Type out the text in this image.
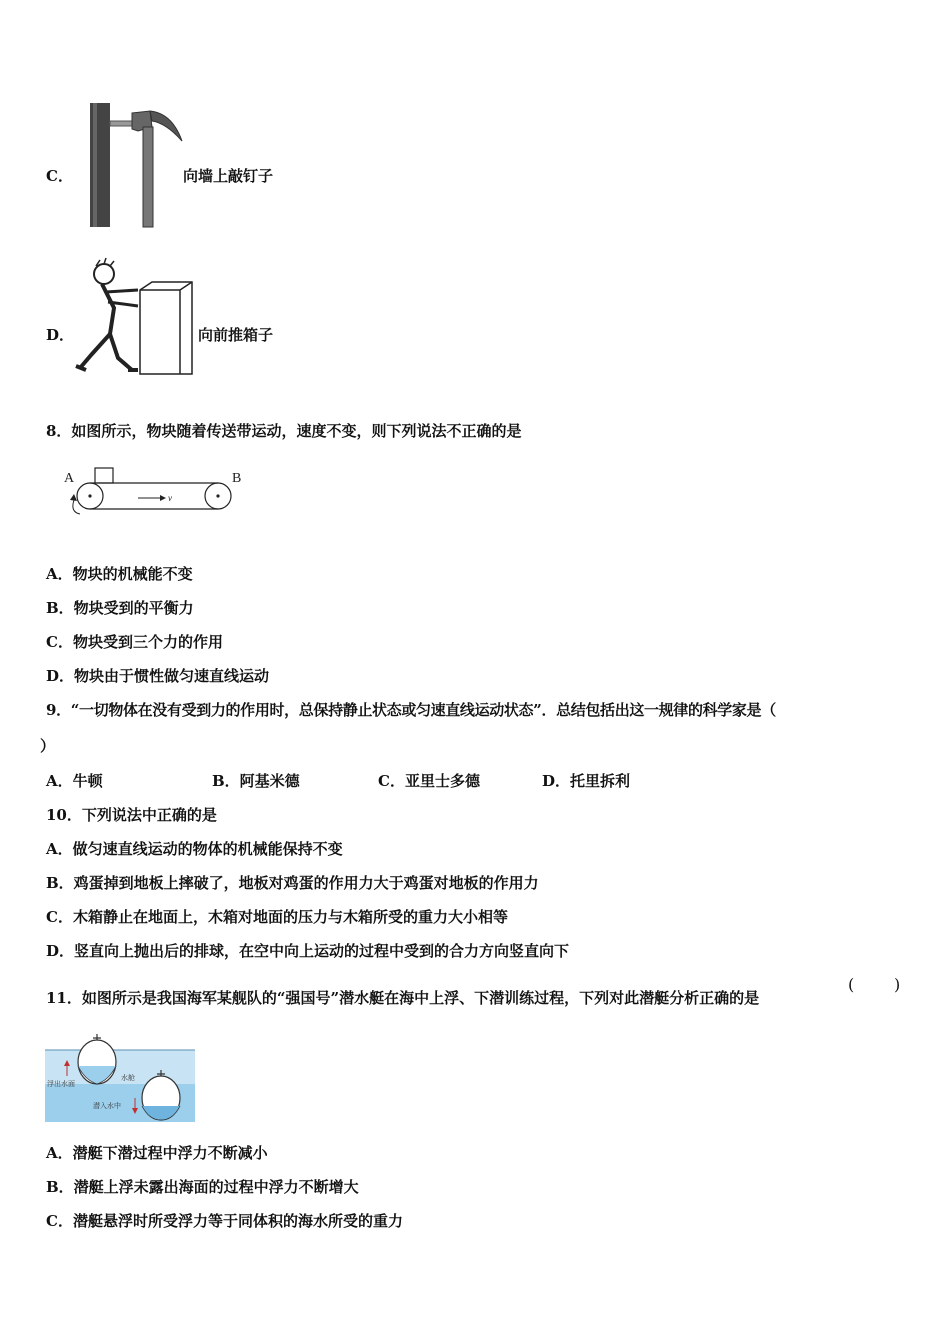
C．	向墙上敲钉子
D．	向前推箱子
8．如图所示，物块随着传送带运动，速度不变，则下列说法不正确的是
A	B
v
A．物块的机械能不变
B．物块受到的平衡力
C．物块受到三个力的作用
D．物块由于惯性做匀速直线运动
9．“一切物体在没有受到力的作用时，总保持静止状态或匀速直线运动状态”．总结包括出这一规律的科学家是（
）
A．牛顿	B．阿基米德	C．亚里士多德	D．托里拆利
10．下列说法中正确的是
A．做匀速直线运动的物体的机械能保持不变
B．鸡蛋掉到地板上摔破了，地板对鸡蛋的作用力大于鸡蛋对地板的作用力
C．木箱静止在地面上，木箱对地面的压力与木箱所受的重力大小相等
D．竖直向上抛出后的排球，在空中向上运动的过程中受到的合力方向竖直向下
11．如图所示是我国海军某舰队的“强国号”潜水艇在海中上浮、下潜训练过程，下列对此潜艇分析正确的是
( )
浮出水面
水舱
潜入水中
A．潜艇下潜过程中浮力不断减小
B．潜艇上浮未露出海面的过程中浮力不断增大
C．潜艇悬浮时所受浮力等于同体积的海水所受的重力
